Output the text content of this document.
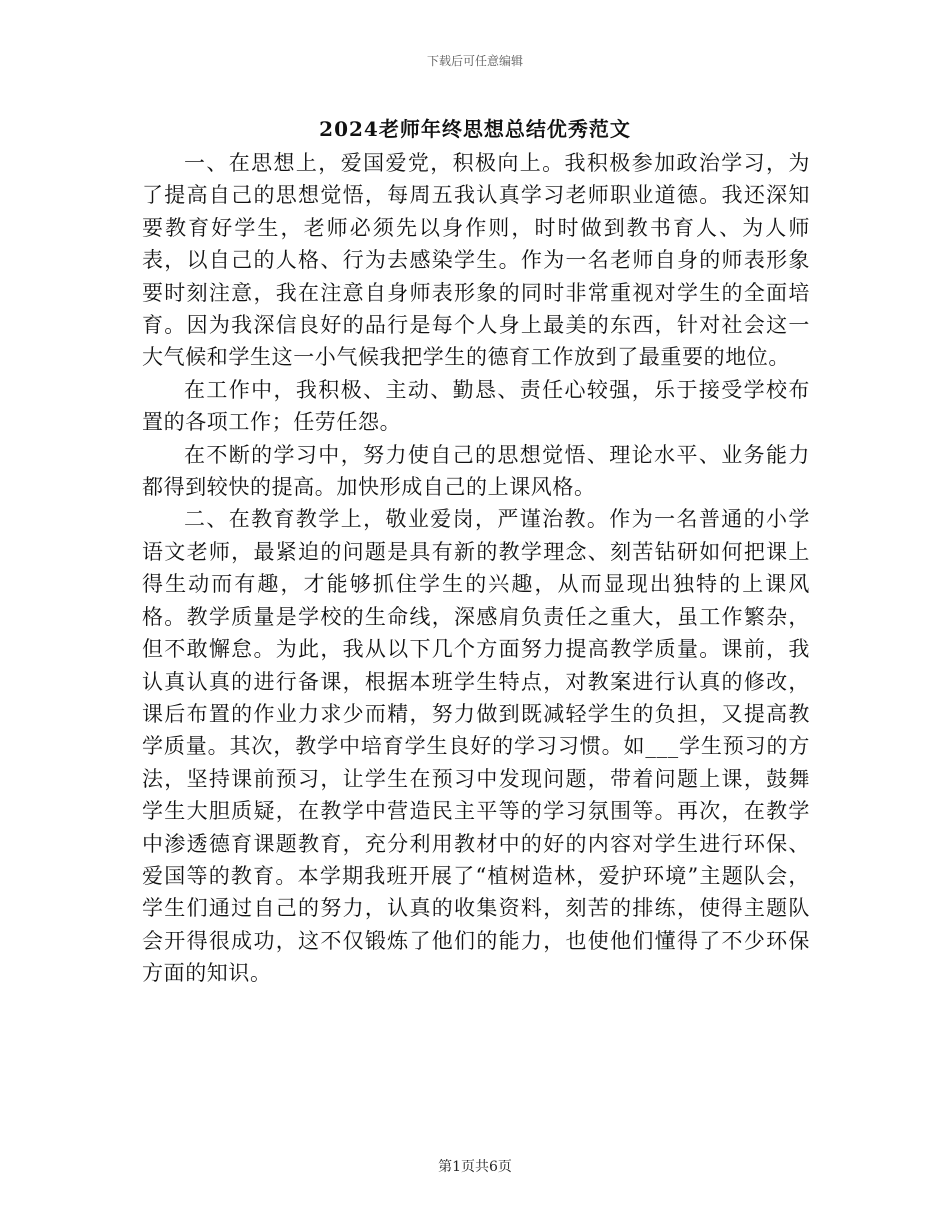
下载后可任意编辑
2024老师年终思想总结优秀范文

一、在思想上，爱国爱党，积极向上。我积极参加政治学习，为了提高自己的思想觉悟，每周五我认真学习老师职业道德。我还深知要教育好学生，老师必须先以身作则，时时做到教书育人、为人师表，以自己的人格、行为去感染学生。作为一名老师自身的师表形象要时刻注意，我在注意自身师表形象的同时非常重视对学生的全面培育。因为我深信良好的品行是每个人身上最美的东西，针对社会这一大气候和学生这一小气候我把学生的德育工作放到了最重要的地位。

在工作中，我积极、主动、勤恳、责任心较强，乐于接受学校布置的各项工作；任劳任怨。

在不断的学习中，努力使自己的思想觉悟、理论水平、业务能力都得到较快的提高。加快形成自己的上课风格。

二、在教育教学上，敬业爱岗，严谨治教。作为一名普通的小学语文老师，最紧迫的问题是具有新的教学理念、刻苦钻研如何把课上得生动而有趣，才能够抓住学生的兴趣，从而显现出独特的上课风格。教学质量是学校的生命线，深感肩负责任之重大，虽工作繁杂，但不敢懈怠。为此，我从以下几个方面努力提高教学质量。课前，我认真认真的进行备课，根据本班学生特点，对教案进行认真的修改，课后布置的作业力求少而精，努力做到既减轻学生的负担，又提高教学质量。其次，教学中培育学生良好的学习习惯。如___学生预习的方法，坚持课前预习，让学生在预习中发现问题，带着问题上课，鼓舞学生大胆质疑，在教学中营造民主平等的学习氛围等。再次，在教学中渗透德育课题教育，充分利用教材中的好的内容对学生进行环保、爱国等的教育。本学期我班开展了“植树造林，爱护环境”主题队会，学生们通过自己的努力，认真的收集资料，刻苦的排练，使得主题队会开得很成功，这不仅锻炼了他们的能力，也使他们懂得了不少环保方面的知识。

第1页共6页
